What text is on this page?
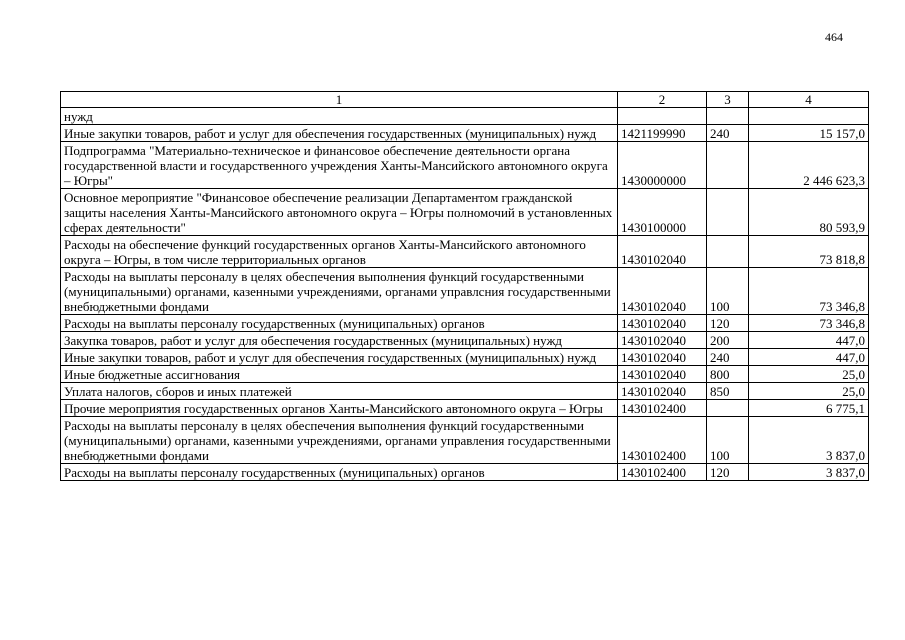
464
1	2	3	4
нужд			
Иные закупки товаров, работ и услуг для обеспечения государственных (муниципальных) нужд	1421199990	240	15 157,0
Подпрограмма "Материально-техническое и финансовое обеспечение деятельности органа государственной власти и государственного учреждения Ханты-Мансийского автономного округа – Югры"	1430000000		2 446 623,3
Основное мероприятие "Финансовое обеспечение реализации Департаментом гражданской защиты населения Ханты-Мансийского автономного округа – Югры полномочий в установленных сферах деятельности"	1430100000		80 593,9
Расходы на обеспечение функций государственных органов Ханты-Мансийского автономного округа – Югры, в том числе территориальных органов	1430102040		73 818,8
Расходы на выплаты персоналу в целях обеспечения выполнения функций государственными (муниципальными) органами, казенными учреждениями, органами управлсния государственными внебюджетными фондами	1430102040	100	73 346,8
Расходы на выплаты персоналу государственных (муниципальных) органов	1430102040	120	73 346,8
Закупка товаров, работ и услуг для обеспечения государственных (муниципальных) нужд	1430102040	200	447,0
Иные закупки товаров, работ и услуг для обеспечения государственных (муниципальных) нужд	1430102040	240	447,0
Иные бюджетные ассигнования	1430102040	800	25,0
Уплата налогов, сборов и иных платежей	1430102040	850	25,0
Прочие мероприятия государственных органов Ханты-Мансийского автономного округа – Югры	1430102400		6 775,1
Расходы на выплаты персоналу в целях обеспечения выполнения функций государственными (муниципальными) органами, казенными учреждениями, органами управления государственными внебюджетными фондами	1430102400	100	3 837,0
Расходы на выплаты персоналу государственных (муниципальных) органов	1430102400	120	3 837,0
